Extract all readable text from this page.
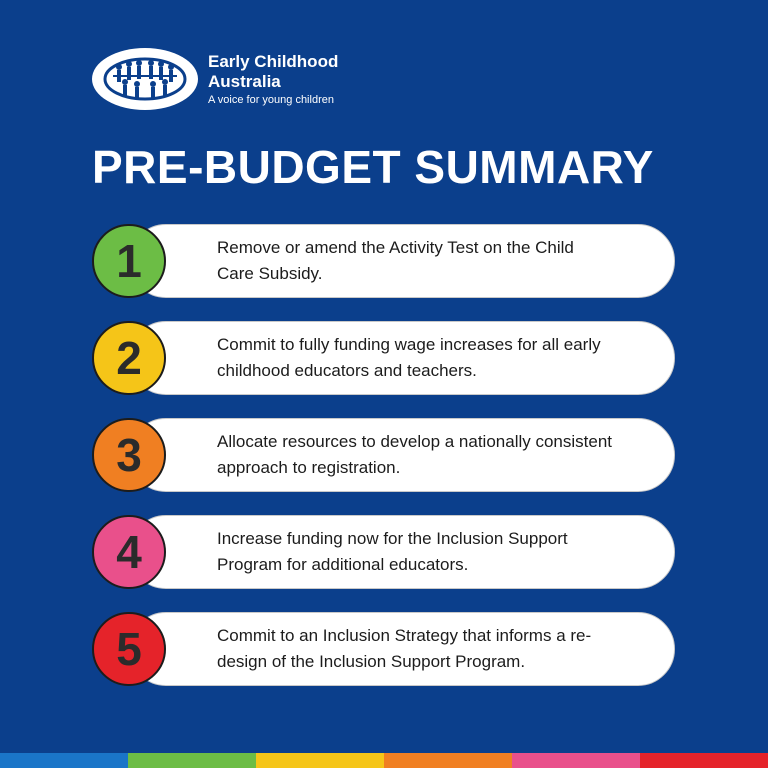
Early Childhood
Australia
A voice for young children
PRE-BUDGET SUMMARY
Remove or amend the Activity Test on the Child Care Subsidy.
1
Commit to fully funding wage increases for all early childhood educators and teachers.
2
Allocate resources to develop a nationally consistent approach to registration.
3
Increase funding now for the Inclusion Support Program for additional educators.
4
Commit to an Inclusion Strategy that informs a re-design of the Inclusion Support Program.
5
